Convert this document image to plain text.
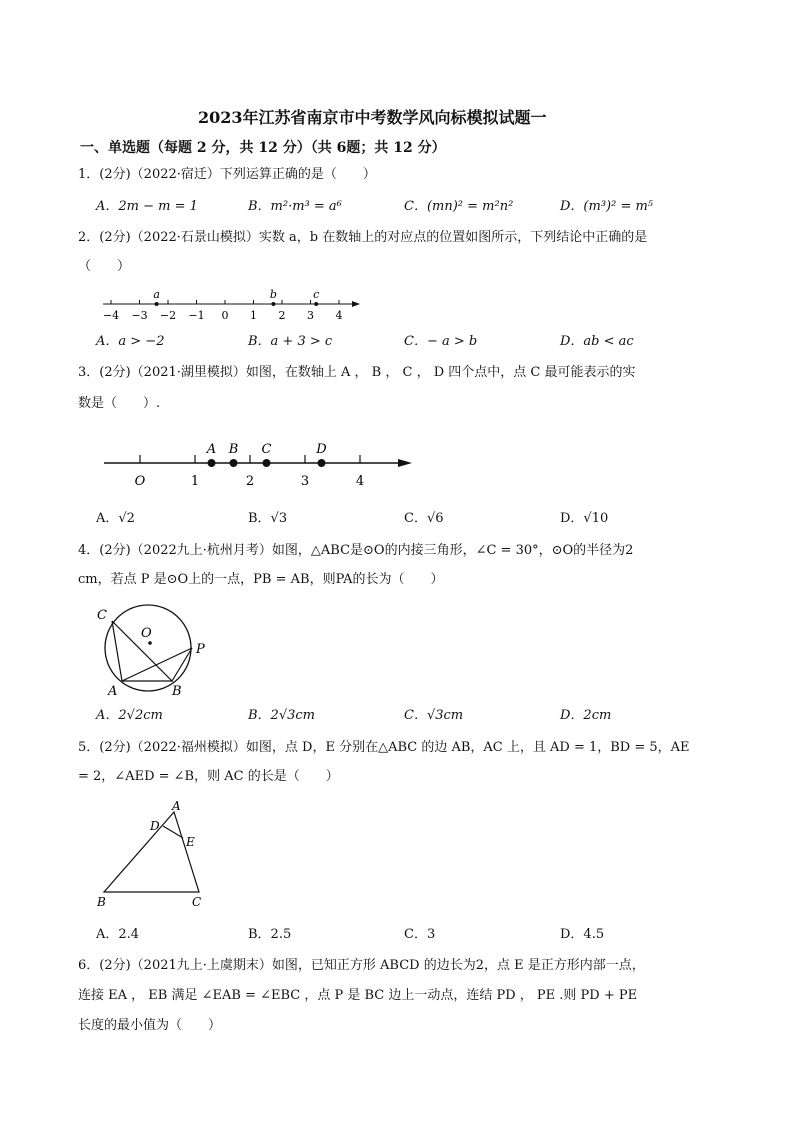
2023年江苏省南京市中考数学风向标模拟试题一
一、单选题（每题 2 分，共 12 分）（共 6题；共 12 分）
1．(2分)（2022·宿迁）下列运算正确的是（　　）
A．2m − m = 1	B．m²·m³ = a⁶	C．(mn)² = m²n²	D．(m³)² = m⁵
2．(2分)（2022·石景山模拟）实数 a，b 在数轴上的对应点的位置如图所示，下列结论中正确的是
（　　）
−4 −3 −2 −1 0 1 2 3 4
a	b	c
A．a > −2	B．a + 3 > c	C．− a > b	D．ab < ac
3．(2分)（2021·湖里模拟）如图，在数轴上 A ， B ， C ， D 四个点中，点 C 最可能表示的实
数是（　　）.
O	1	2	3	4
A B C	D
A．√2	B．√3	C．√6	D．√10
4．(2分)（2022九上·杭州月考）如图，△ABC是⊙O的内接三角形，∠C = 30°，⊙O的半径为2
cm，若点 P 是⊙O上的一点，PB = AB，则PA的长为（　　）
C
O
P
A	B
A．2√2cm	B．2√3cm	C．√3cm	D．2cm
5．(2分)（2022·福州模拟）如图，点 D，E 分别在△ABC 的边 AB，AC 上，且 AD = 1，BD = 5，AE
= 2，∠AED = ∠B，则 AC 的长是（　　）
A
D
E
B	C
A．2.4	B．2.5	C．3	D．4.5
6．(2分)（2021九上·上虞期末）如图，已知正方形 ABCD 的边长为2，点 E 是正方形内部一点，
连接 EA ， EB 满足 ∠EAB = ∠EBC ，点 P 是 BC 边上一动点，连结 PD ， PE .则 PD + PE
长度的最小值为（　　）
